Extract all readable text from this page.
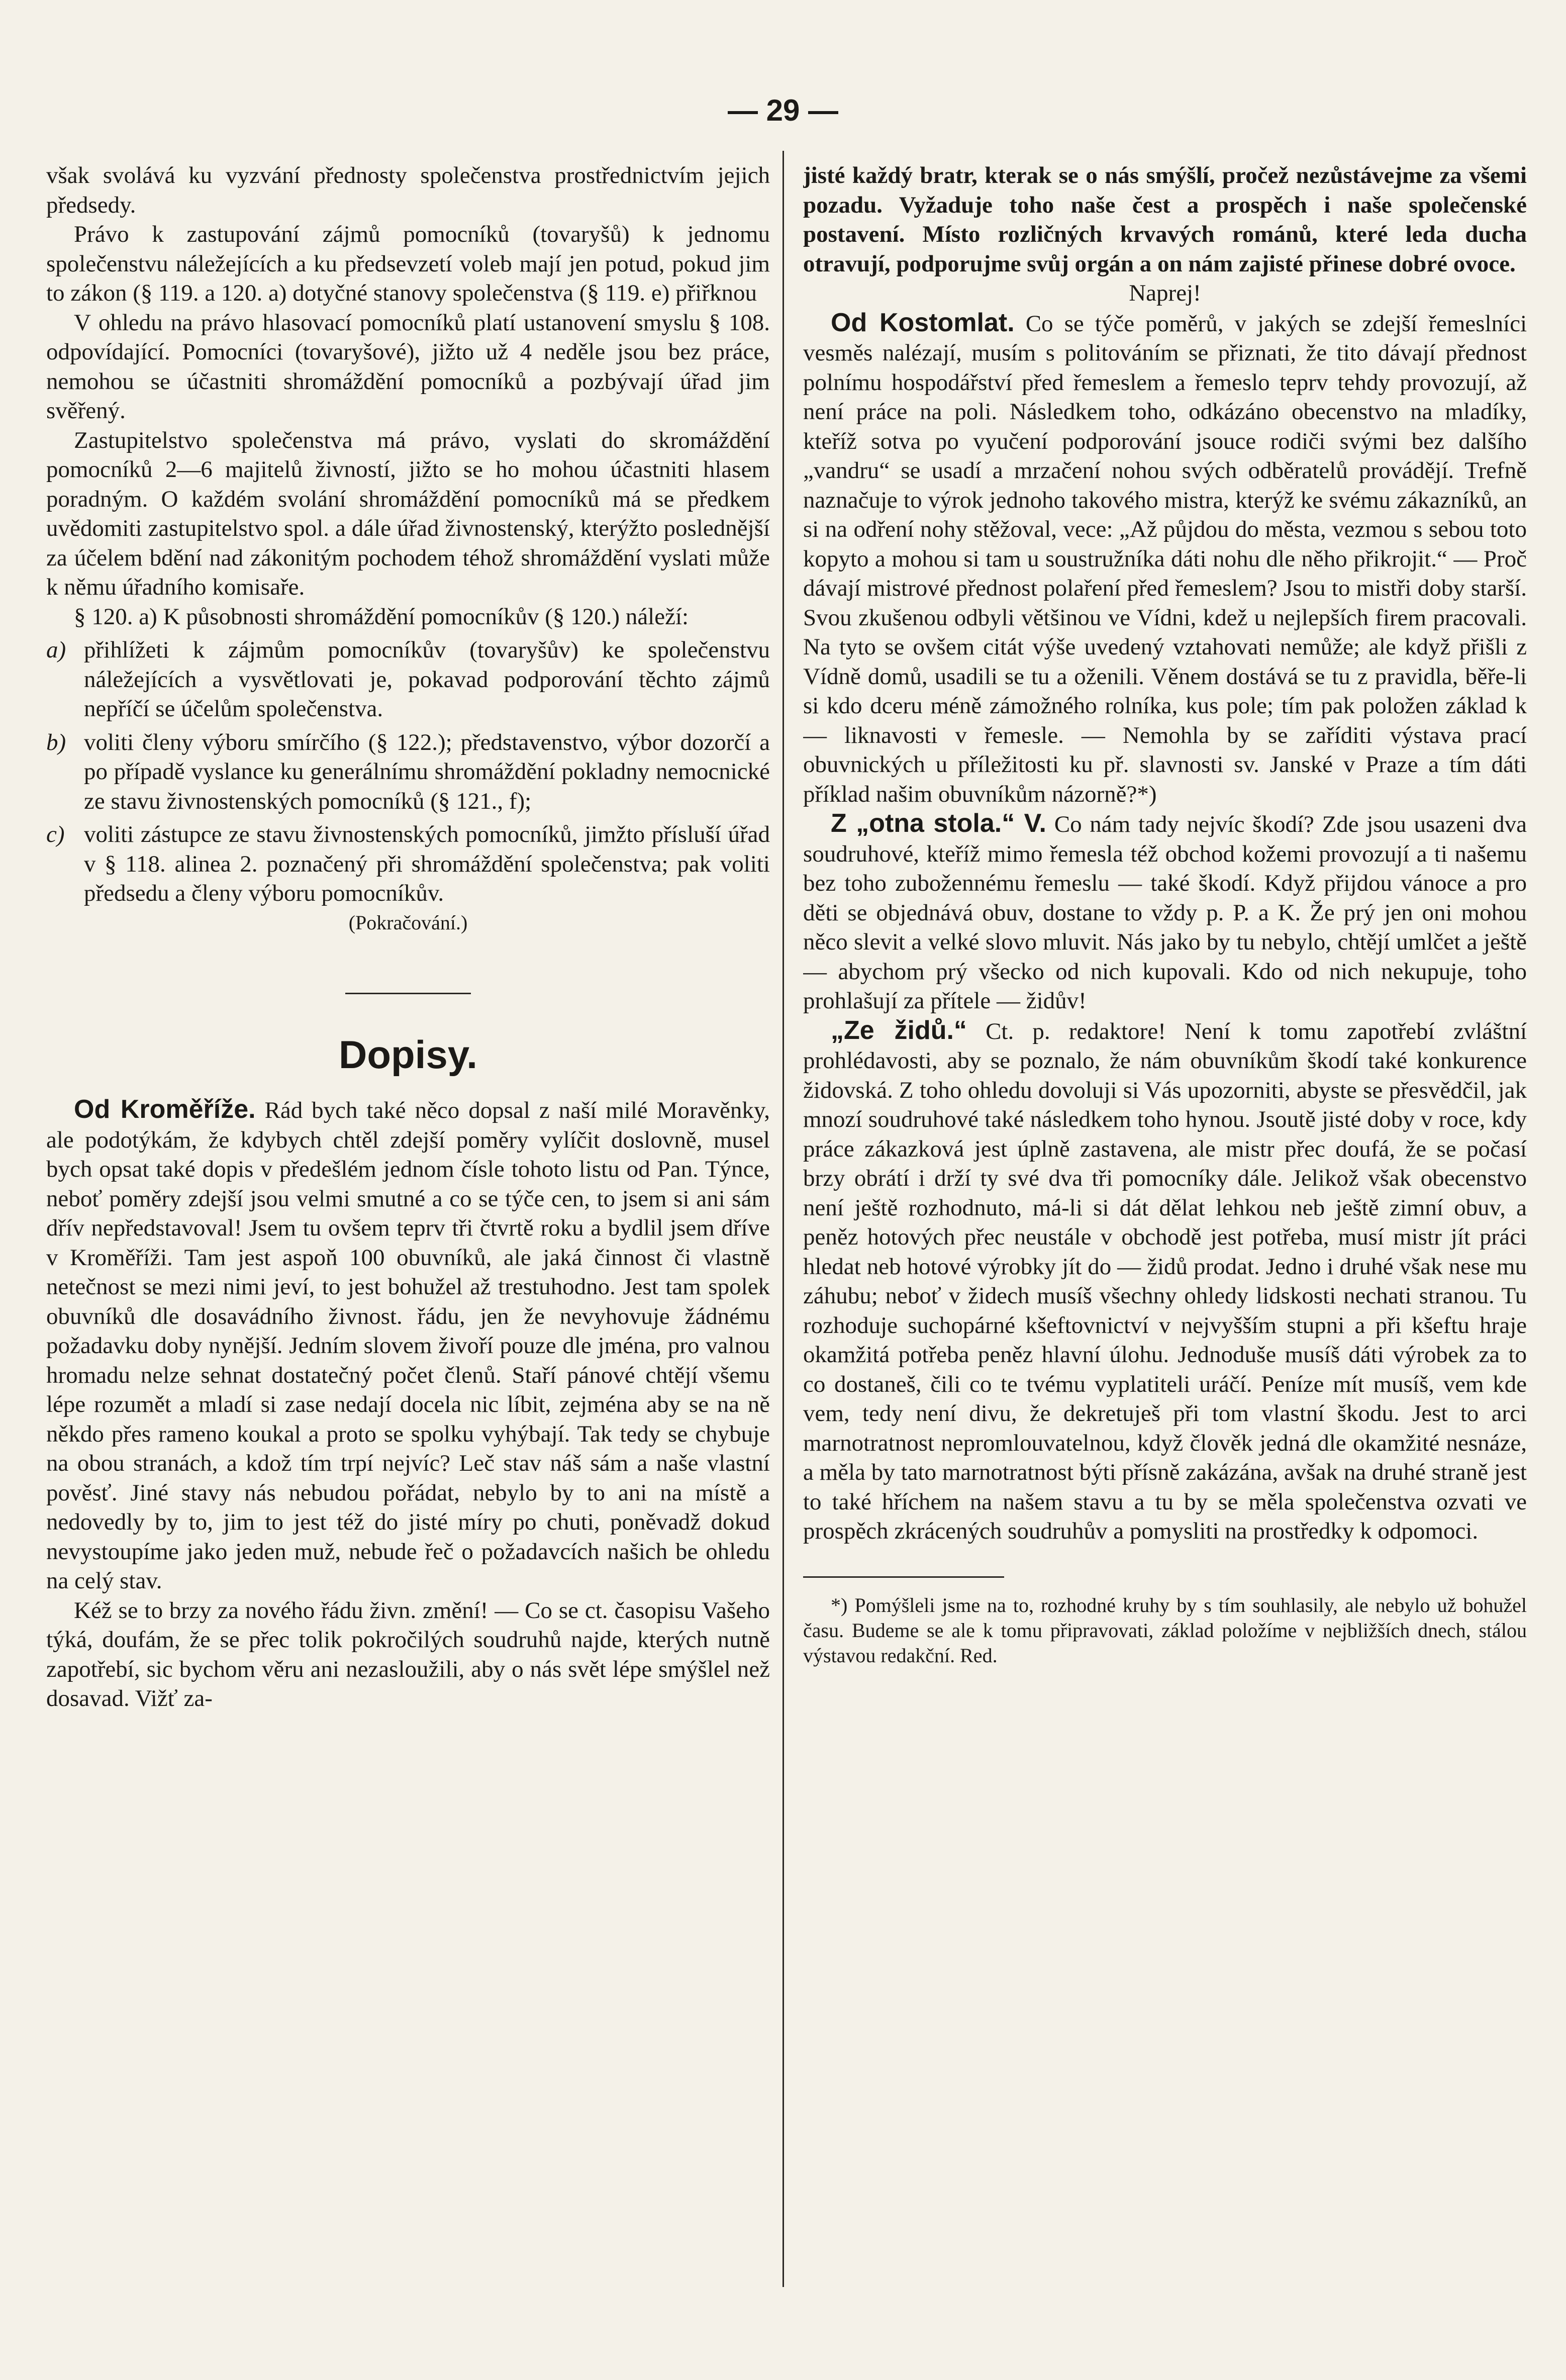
— 29 —

však svolává ku vyzvání přednosty společenstva prostřednictvím jejich předsedy.

Právo k zastupování zájmů pomocníků (tovaryšů) k jednomu společenstvu náležejících a ku předsevzetí voleb mají jen potud, pokud jim to zákon (§ 119. a 120. a) dotyčné stanovy společenstva (§ 119. e) přiřknou

V ohledu na právo hlasovací pomocníků platí ustanovení smyslu § 108. odpovídající. Pomocníci (tovaryšové), jižto už 4 neděle jsou bez práce, nemohou se účastniti shromáždění pomocníků a pozbývají úřad jim svěřený.

Zastupitelstvo společenstva má právo, vyslati do skromáždění pomocníků 2—6 majitelů živností, jižto se ho mohou účastniti hlasem poradným. O každém svolání shromáždění pomocníků má se předkem uvědomiti zastupitelstvo spol. a dále úřad živnostenský, kterýžto poslednější za účelem bdění nad zákonitým pochodem téhož shromáždění vyslati může k němu úřadního komisaře.

§ 120. a) K působnosti shromáždění pomocníkův (§ 120.) náleží:

a) přihlížeti k zájmům pomocníkův (tovaryšův) ke společenstvu náležejících a vysvětlovati je, pokavad podporování těchto zájmů nepříčí se účelům společenstva.
b) voliti členy výboru smírčího (§ 122.); představenstvo, výbor dozorčí a po případě vyslance ku generálnímu shromáždění pokladny nemocnické ze stavu živnostenských pomocníků (§ 121., f);
c) voliti zástupce ze stavu živnostenských pomocníků, jimžto přísluší úřad v § 118. alinea 2. poznačený při shromáždění společenstva; pak voliti předsedu a členy výboru pomocníkův.

(Pokračování.)

Dopisy.

Od Kroměříže. Rád bych také něco dopsal z naší milé Moravěnky, ale podotýkám, že kdybych chtěl zdejší poměry vylíčit doslovně, musel bych opsat také dopis v předešlém jednom čísle tohoto listu od Pan. Týnce, neboť poměry zdejší jsou velmi smutné a co se týče cen, to jsem si ani sám dřív nepředstavoval! Jsem tu ovšem teprv tři čtvrtě roku a bydlil jsem dříve v Kroměříži. Tam jest aspoň 100 obuvníků, ale jaká činnost či vlastně netečnost se mezi nimi jeví, to jest bohužel až trestuhodno. Jest tam spolek obuvníků dle dosavádního živnost. řádu, jen že nevyhovuje žádnému požadavku doby nynější. Jedním slovem živoří pouze dle jména, pro valnou hromadu nelze sehnat dostatečný počet členů. Staří pánové chtějí všemu lépe rozumět a mladí si zase nedají docela nic líbit, zejména aby se na ně někdo přes rameno koukal a proto se spolku vyhýbají. Tak tedy se chybuje na obou stranách, a kdož tím trpí nejvíc? Leč stav náš sám a naše vlastní pověsť. Jiné stavy nás nebudou pořádat, nebylo by to ani na místě a nedovedly by to, jim to jest též do jisté míry po chuti, poněvadž dokud nevystoupíme jako jeden muž, nebude řeč o požadavcích našich be ohledu na celý stav.

Kéž se to brzy za nového řádu živn. změní! — Co se ct. časopisu Vašeho týká, doufám, že se přec tolik pokročilých soudruhů najde, kterých nutně zapotřebí, sic bychom věru ani nezasloužili, aby o nás svět lépe smýšlel než dosavad. Vižť za-

jisté každý bratr, kterak se o nás smýšlí, pročež nezůstávejme za všemi pozadu. Vyžaduje toho naše čest a prospěch i naše společenské postavení. Místo rozličných krvavých románů, které leda ducha otravují, podporujme svůj orgán a on nám zajisté přinese dobré ovoce.

Naprej!

Od Kostomlat. Co se týče poměrů, v jakých se zdejší řemeslníci vesměs nalézají, musím s politováním se přiznati, že tito dávají přednost polnímu hospodářství před řemeslem a řemeslo teprv tehdy provozují, až není práce na poli. Následkem toho, odkázáno obecenstvo na mladíky, kteříž sotva po vyučení podporování jsouce rodiči svými bez dalšího „vandru“ se usadí a mrzačení nohou svých odběratelů provádějí. Trefně naznačuje to výrok jednoho takového mistra, kterýž ke svému zákazníků, an si na odření nohy stěžoval, vece: „Až půjdou do města, vezmou s sebou toto kopyto a mohou si tam u soustružníka dáti nohu dle něho přikrojit.“ — Proč dávají mistrové přednost polaření před řemeslem? Jsou to mistři doby starší. Svou zkušenou odbyli většinou ve Vídni, kdež u nejlepších firem pracovali. Na tyto se ovšem citát výše uvedený vztahovati nemůže; ale když přišli z Vídně domů, usadili se tu a oženili. Věnem dostává se tu z pravidla, běře-li si kdo dceru méně zámožného rolníka, kus pole; tím pak položen základ k — liknavosti v řemesle. — Nemohla by se zaříditi výstava prací obuvnických u příležitosti ku př. slavnosti sv. Janské v Praze a tím dáti příklad našim obuvníkům názorně?*)

Z „otna stola.“ V. Co nám tady nejvíc škodí? Zde jsou usazeni dva soudruhové, kteříž mimo řemesla též obchod kožemi provozují a ti našemu bez toho zubožennému řemeslu — také škodí. Když přijdou vánoce a pro děti se objednává obuv, dostane to vždy p. P. a K. Že prý jen oni mohou něco slevit a velké slovo mluvit. Nás jako by tu nebylo, chtějí umlčet a ještě — abychom prý všecko od nich kupovali. Kdo od nich nekupuje, toho prohlašují za přítele — židův!

„Ze židů.“ Ct. p. redaktore! Není k tomu zapotřebí zvláštní prohlédavosti, aby se poznalo, že nám obuvníkům škodí také konkurence židovská. Z toho ohledu dovoluji si Vás upozorniti, abyste se přesvědčil, jak mnozí soudruhové také následkem toho hynou. Jsoutě jisté doby v roce, kdy práce zákazková jest úplně zastavena, ale mistr přec doufá, že se počasí brzy obrátí i drží ty své dva tři pomocníky dále. Jelikož však obecenstvo není ještě rozhodnuto, má-li si dát dělat lehkou neb ještě zimní obuv, a peněz hotových přec neustále v obchodě jest potřeba, musí mistr jít práci hledat neb hotové výrobky jít do — židů prodat. Jedno i druhé však nese mu záhubu; neboť v židech musíš všechny ohledy lidskosti nechati stranou. Tu rozhoduje suchopárné kšeftovnictví v nejvyšším stupni a při kšeftu hraje okamžitá potřeba peněz hlavní úlohu. Jednoduše musíš dáti výrobek za to co dostaneš, čili co te tvému vyplatiteli uráčí. Peníze mít musíš, vem kde vem, tedy není divu, že dekretuješ při tom vlastní škodu. Jest to arci marnotratnost nepromlouvatelnou, když člověk jedná dle okamžité nesnáze, a měla by tato marnotratnost býti přísně zakázána, avšak na druhé straně jest to také hříchem na našem stavu a tu by se měla společenstva ozvati ve prospěch zkrácených soudruhův a pomysliti na prostředky k odpomoci.

*) Pomýšleli jsme na to, rozhodné kruhy by s tím souhlasily, ale nebylo už bohužel času. Budeme se ale k tomu připravovati, základ položíme v nejbližších dnech, stálou výstavou redakční. Red.
